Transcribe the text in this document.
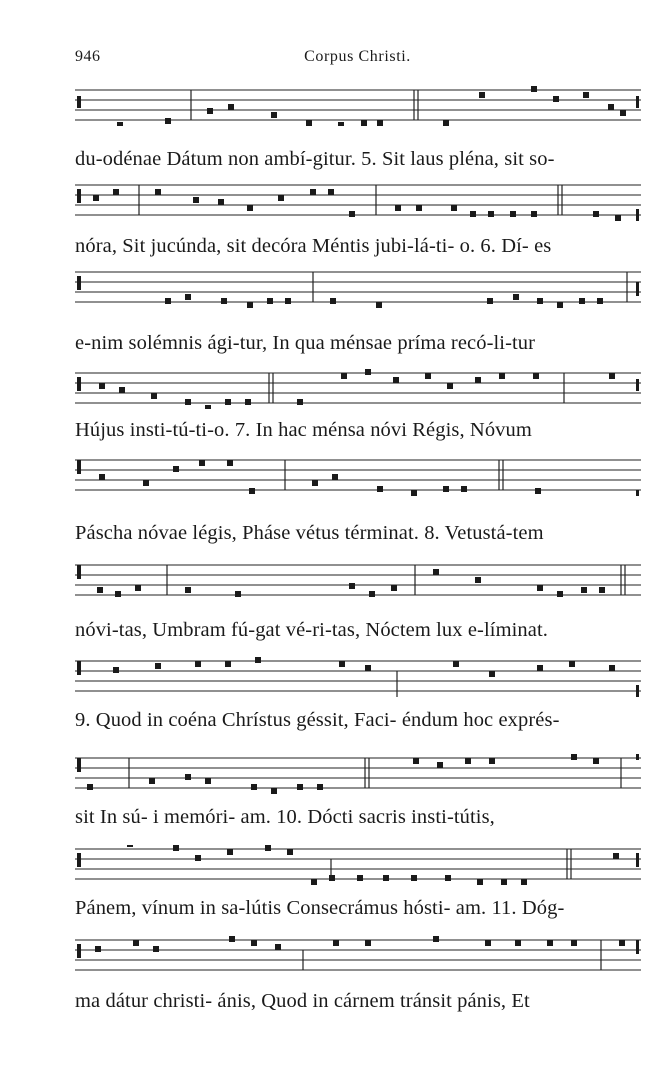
946	Corpus Christi.
du-odénae Dátum non ambí-gitur. 5. Sit laus pléna, sit so-
nóra, Sit jucúnda, sit decóra Méntis jubi-lá-ti- o. 6. Dí- es
e-nim solémnis ági-tur, In qua ménsae príma recó-li-tur
Hújus insti-tú-ti-o. 7. In hac ménsa nóvi Régis, Nóvum
Páscha nóvae légis, Pháse vétus términat. 8. Vetustá-tem
nóvi-tas, Umbram fú-gat vé-ri-tas, Nóctem lux e-líminat.
9. Quod in coéna Chrístus géssit, Faci- éndum hoc exprés-
sit In sú- i memóri- am. 10. Dócti sacris insti-tútis,
Pánem, vínum in sa-lútis Consecrámus hósti- am. 11. Dóg-
ma dátur christi- ánis, Quod in cárnem tránsit pánis, Et
